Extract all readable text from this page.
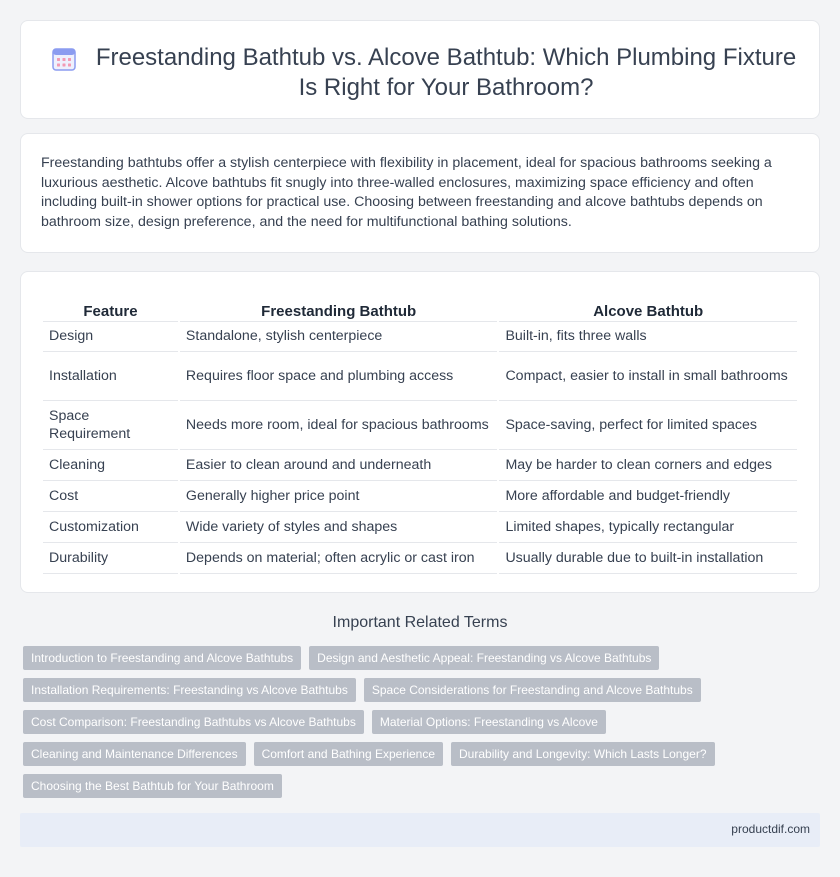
Freestanding Bathtub vs. Alcove Bathtub: Which Plumbing Fixture Is Right for Your Bathroom?

Freestanding bathtubs offer a stylish centerpiece with flexibility in placement, ideal for spacious bathrooms seeking a luxurious aesthetic. Alcove bathtubs fit snugly into three-walled enclosures, maximizing space efficiency and often including built-in shower options for practical use. Choosing between freestanding and alcove bathtubs depends on bathroom size, design preference, and the need for multifunctional bathing solutions.

Feature	Freestanding Bathtub	Alcove Bathtub
Design	Standalone, stylish centerpiece	Built-in, fits three walls
Installation	Requires floor space and plumbing access	Compact, easier to install in small bathrooms
Space Requirement	Needs more room, ideal for spacious bathrooms	Space-saving, perfect for limited spaces
Cleaning	Easier to clean around and underneath	May be harder to clean corners and edges
Cost	Generally higher price point	More affordable and budget-friendly
Customization	Wide variety of styles and shapes	Limited shapes, typically rectangular
Durability	Depends on material; often acrylic or cast iron	Usually durable due to built-in installation
Important Related Terms
Introduction to Freestanding and Alcove Bathtubs	Design and Aesthetic Appeal: Freestanding vs Alcove Bathtubs
Installation Requirements: Freestanding vs Alcove Bathtubs	Space Considerations for Freestanding and Alcove Bathtubs
Cost Comparison: Freestanding Bathtubs vs Alcove Bathtubs	Material Options: Freestanding vs Alcove
Cleaning and Maintenance Differences	Comfort and Bathing Experience	Durability and Longevity: Which Lasts Longer?
Choosing the Best Bathtub for Your Bathroom
productdif.com
